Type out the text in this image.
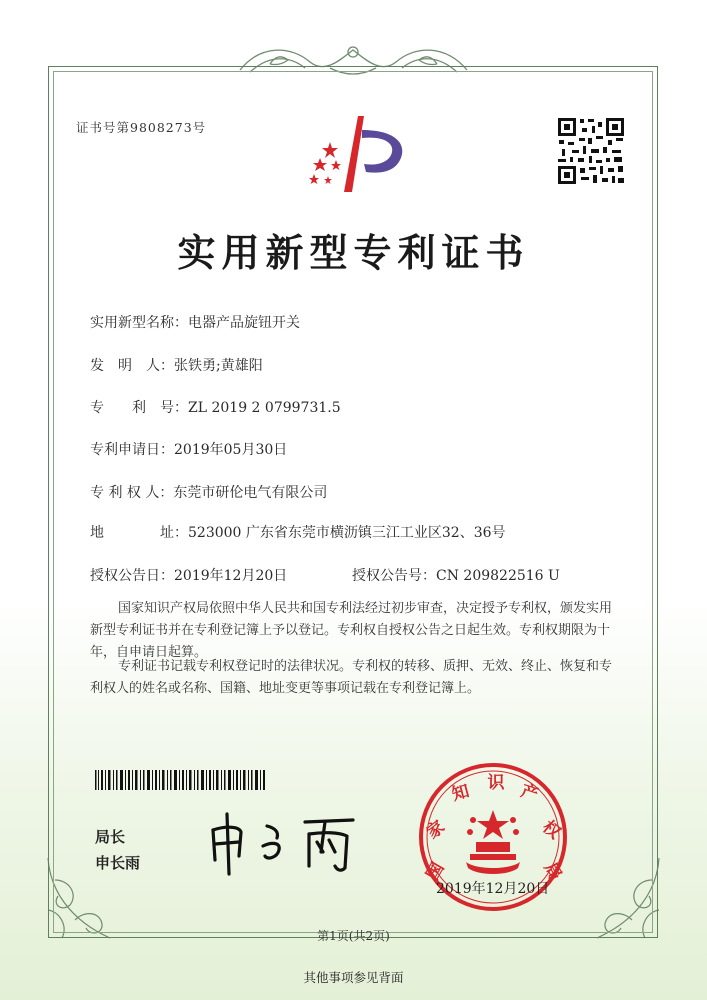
证书号第9808273号
实用新型专利证书
实用新型名称：电器产品旋钮开关
发　明　人：张铁勇;黄雄阳
专　　利　号：ZL 2019 2 0799731.5
专利申请日：2019年05月30日
专 利 权 人：东莞市研伦电气有限公司
地　　　　址：523000 广东省东莞市横沥镇三江工业区32、36号
授权公告日：2019年12月20日	授权公告号：CN 209822516 U
国家知识产权局依照中华人民共和国专利法经过初步审查，决定授予专利权，颁发实用新型专利证书并在专利登记簿上予以登记。专利权自授权公告之日起生效。专利权期限为十年，自申请日起算。
专利证书记载专利权登记时的法律状况。专利权的转移、质押、无效、终止、恢复和专利权人的姓名或名称、国籍、地址变更等事项记载在专利登记簿上。
局长
申长雨	国
家
知 识 产
权
局
2019年12月20日
第1页(共2页)
其他事项参见背面
